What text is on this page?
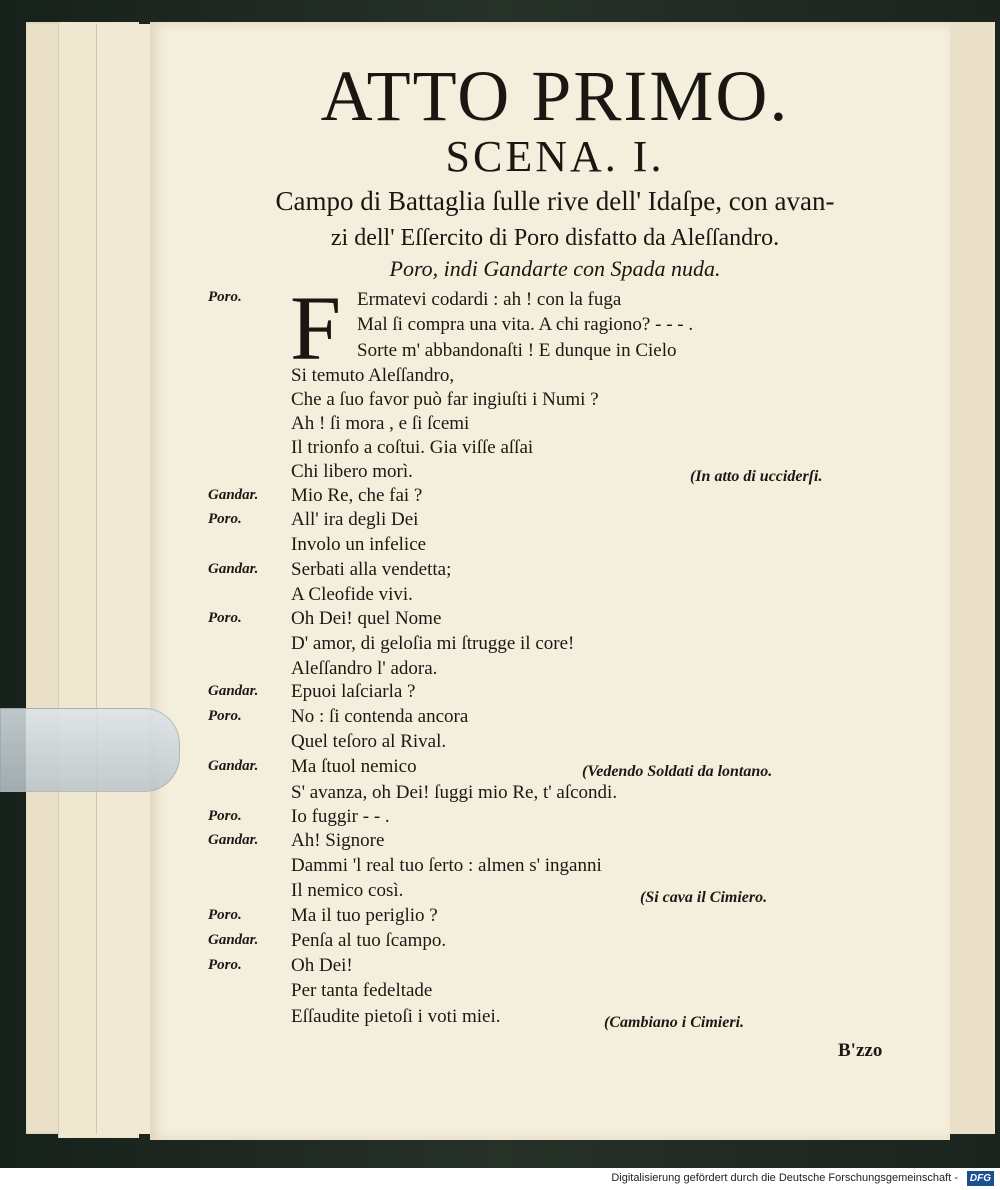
ATTO PRIMO.
SCENA. I.
Campo di Battaglia ſulle rive dell' Idaſpe, con avan-
zi dell' Eſſercito di Poro disfatto da Aleſſandro.
Poro, indi Gandarte con Spada nuda.
F
Poro.	Ermatevi codardi : ah ! con la fuga
Mal ſi compra una vita. A chi ragiono? - - - .
Sorte m' abbandonaſti ! E dunque in Cielo
Si temuto Aleſſandro,
Che a ſuo favor può far ingiuſti i Numi ?
Ah ! ſi mora , e ſi ſcemi
Il trionfo a coſtui. Gia viſſe aſſai
Chi libero morì.	(In atto di ucciderſi.
Gandar. Mio Re, che fai ?
Poro.	All' ira degli Dei
Involo un infelice
Gandar. Serbati alla vendetta;
A Cleofide vivi.
Poro.	Oh Dei! quel Nome
D' amor, di geloſia mi ſtrugge il core!
Aleſſandro l' adora.
Gandar. Epuoi laſciarla ?
Poro.	No : ſi contenda ancora
Quel teſoro al Rival.
Gandar. Ma ſtuol nemico	(Vedendo Soldati da lontano.
S' avanza, oh Dei! ſuggi mio Re, t' aſcondi.
Poro.	Io fuggir - - .
Gandar. Ah! Signore
Dammi 'l real tuo ſerto : almen s' inganni
Il nemico così.	(Si cava il Cimiero.
Poro.	Ma il tuo periglio ?
Gandar. Penſa al tuo ſcampo.
Poro.	Oh Dei!
Per tanta fedeltade
Eſſaudite pietoſi i voti miei.	(Cambiano i Cimieri.
B'zzo
Digitalisierung gefördert durch die Deutsche Forschungsgemeinschaft -	DFG
